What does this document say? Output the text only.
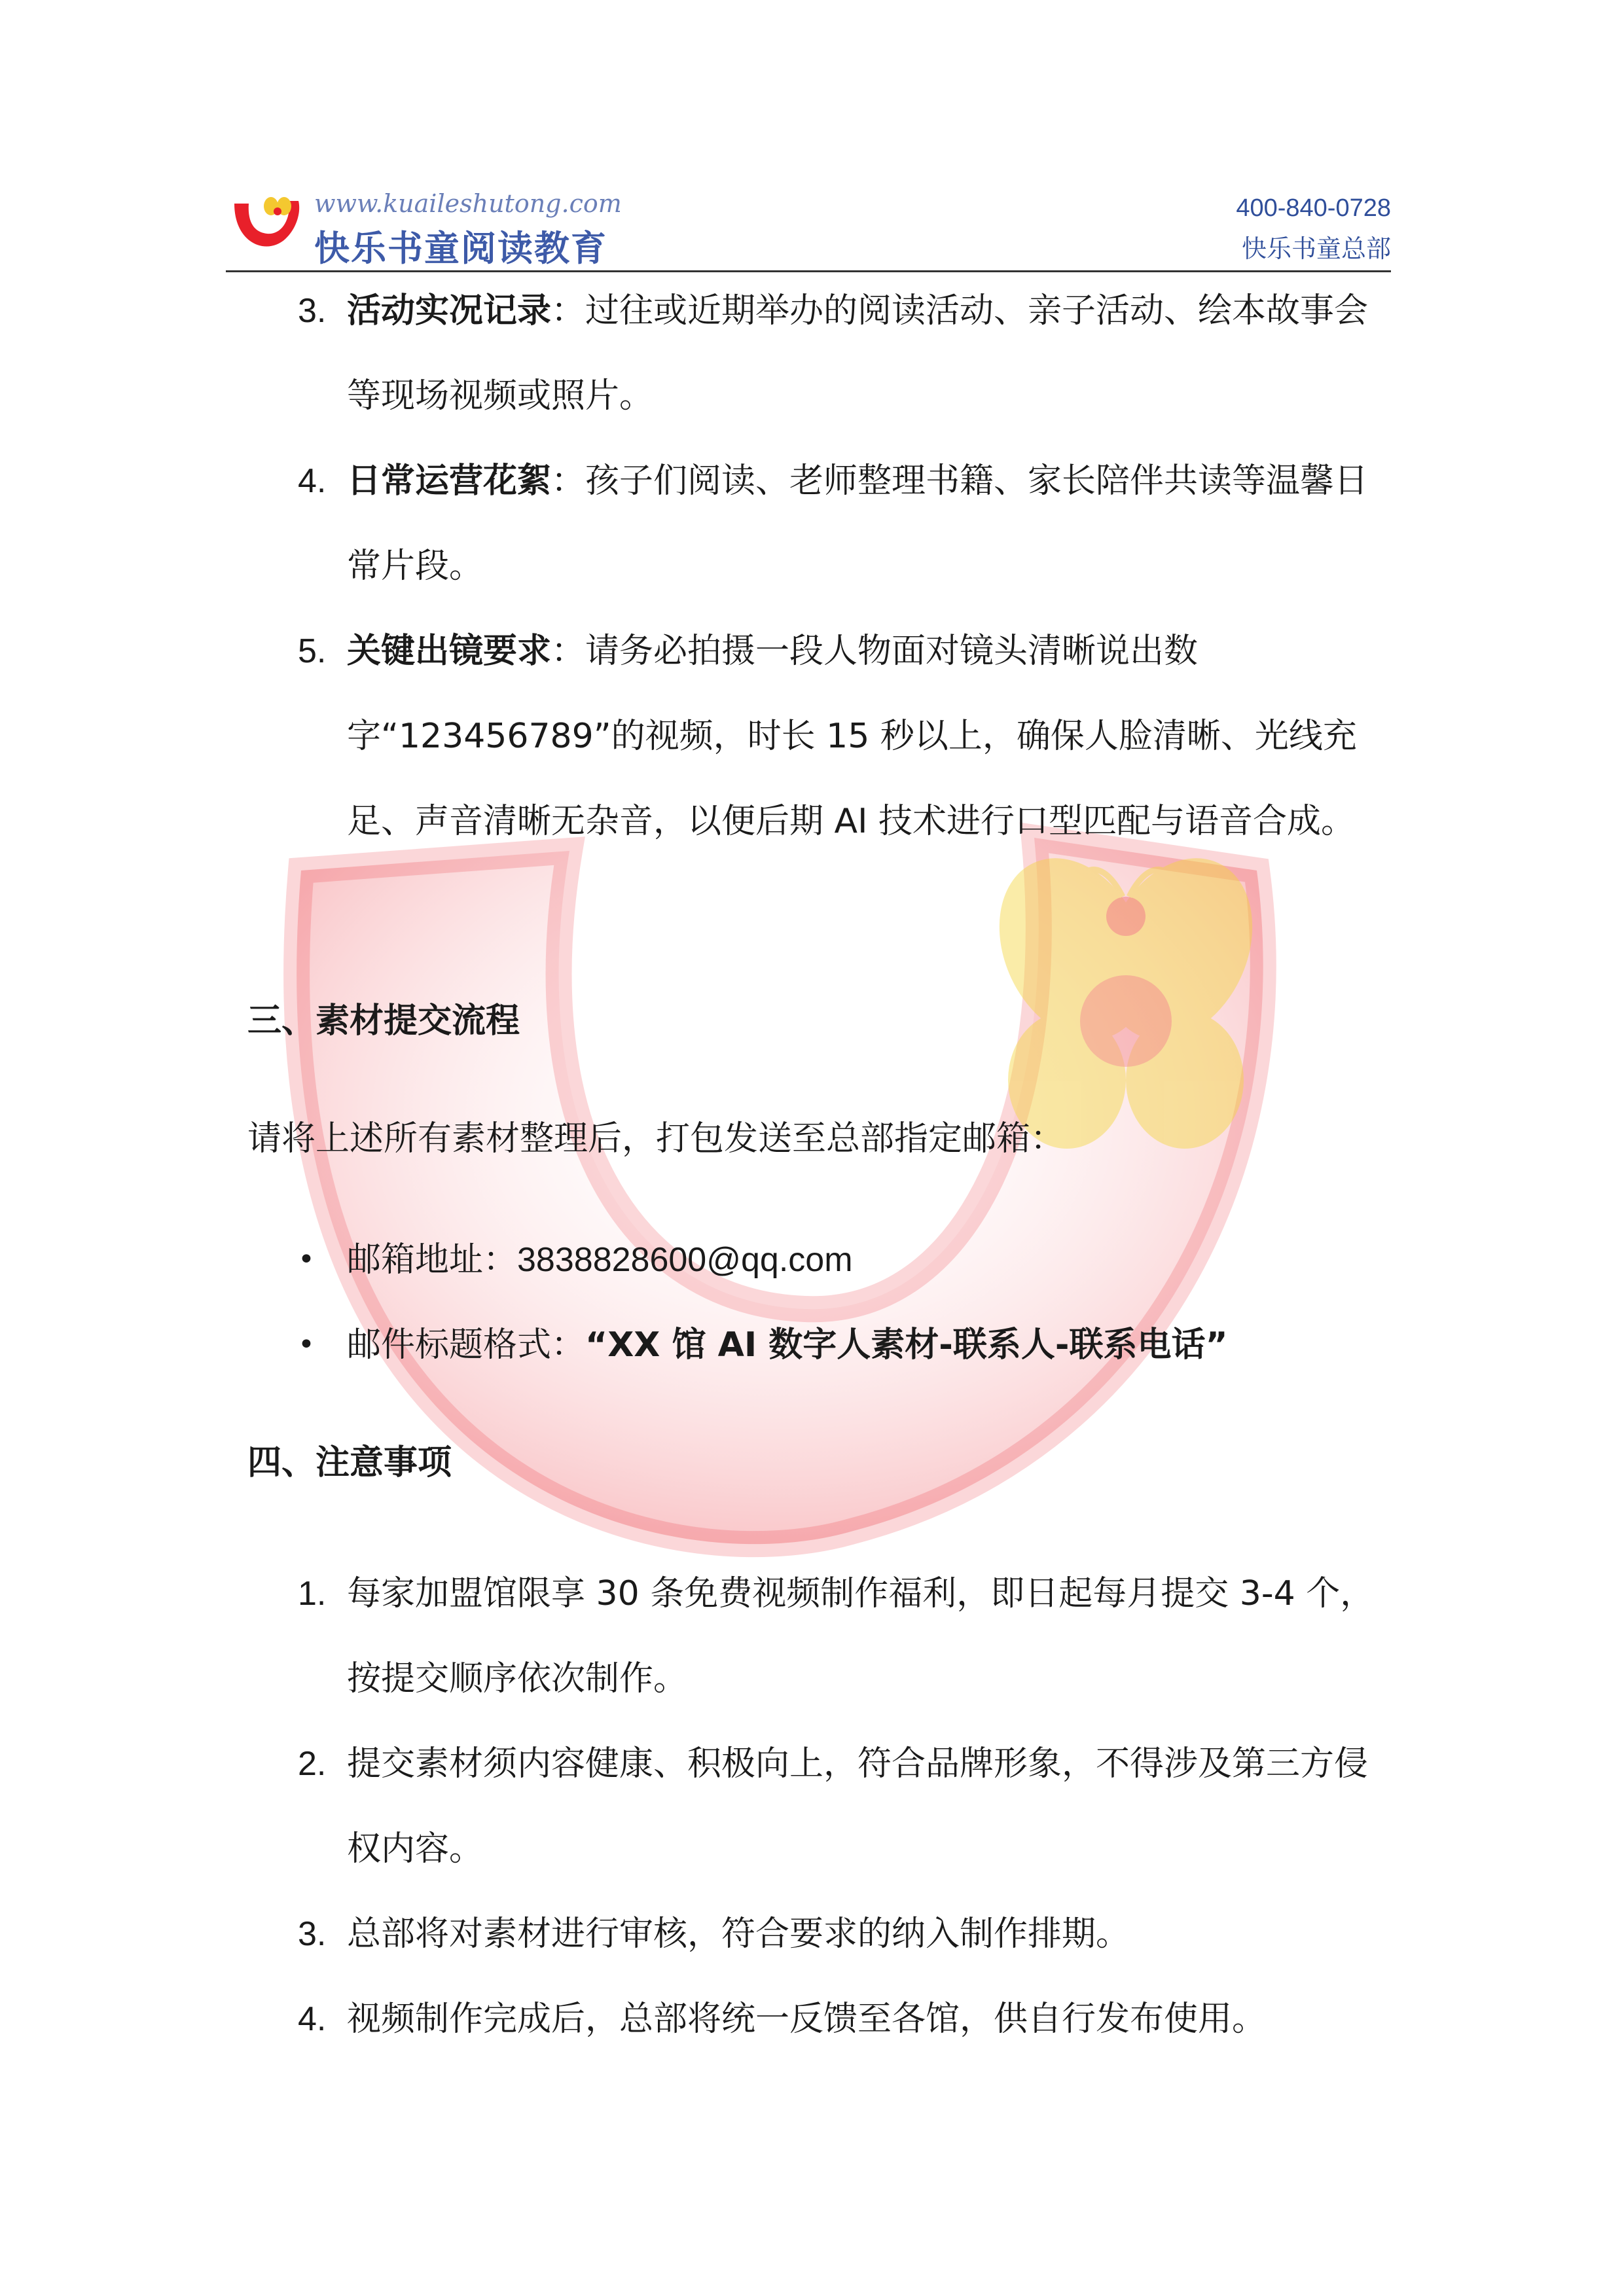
www.kuaileshutong.com
快乐书童阅读教育
400-840-0728
快乐书童总部
3. 活动实况记录：过往或近期举办的阅读活动、亲子活动、绘本故事会等现场视频或照片。
4. 日常运营花絮：孩子们阅读、老师整理书籍、家长陪伴共读等温馨日常片段。
5. 关键出镜要求：请务必拍摄一段人物面对镜头清晰说出数字“123456789”的视频，时长 15 秒以上，确保人脸清晰、光线充足、声音清晰无杂音，以便后期 AI 技术进行口型匹配与语音合成。
三、素材提交流程
请将上述所有素材整理后，打包发送至总部指定邮箱：
• 邮箱地址：3838828600@qq.com
• 邮件标题格式：“XX 馆 AI 数字人素材-联系人-联系电话”
四、注意事项
1. 每家加盟馆限享 30 条免费视频制作福利，即日起每月提交 3-4 个，按提交顺序依次制作。
2. 提交素材须内容健康、积极向上，符合品牌形象，不得涉及第三方侵权内容。
3. 总部将对素材进行审核，符合要求的纳入制作排期。
4. 视频制作完成后，总部将统一反馈至各馆，供自行发布使用。
